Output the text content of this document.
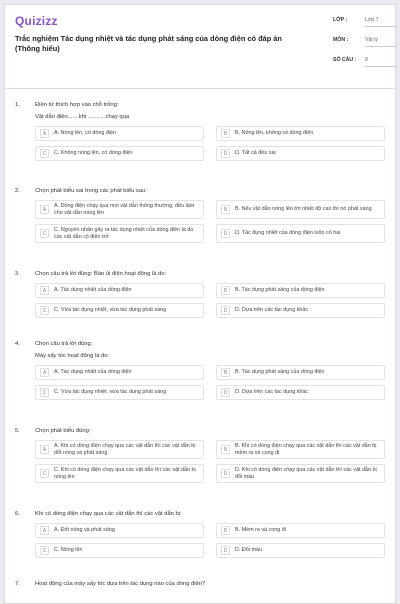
Quizizz
Trắc nghiệm Tác dụng nhiệt và tác dụng phát sáng của dòng điện có đáp án (Thông hiểu)
LỚP :	Lớp 7
MÔN :	Vật lý
SỐ CÂU :	8
1.	Điền từ thích hợp vào chỗ trống:
Vật dẫn điện.......khi ...........chạy qua
A	A. Nóng lên, có dòng điện	B	B. Nóng lên, không có dòng điện
C	C. Không nóng lên, có dòng điện	D	D. Tất cả đều sai
2.	Chọn phát biểu sai trong các phát biểu sau:
A
A. Dòng điện chạy qua mọi vật dẫn thông thường, đều làm cho vật dẫn nóng lên	B	B. Nếu vật dẫn nóng lên tới nhiệt độ cao thì nó phát sáng
C
C. Nguyên nhân gây ra tác dụng nhiệt của dòng điện là do các vật dẫn có điện trở	D	D. Tác dụng nhiệt của dòng điện luôn có hại
3.	Chọn câu trả lời đúng: Bàn ủi điện hoạt động là do:
A	A. Tác dụng nhiệt của dòng điện	B	B. Tác dụng phát sáng của dòng điện
C	C. Vừa tác dụng nhiệt, vừa tác dụng phát sáng	D	D. Dựa trên các tác dụng khác
4.	Chọn câu trả lời đúng:
Máy sấy tóc hoạt động là do:
A	A. Tác dụng nhiệt của dòng điện	B	B. Tác dụng phát sáng của dòng điện
C	C. Vừa tác dụng nhiệt, vừa tác dụng phát sáng	D	D. Dựa trên các tác dụng khác
5.	Chọn phát biểu đúng:
A
A. Khi có dòng điện chạy qua các vật dẫn thì các vật dẫn bị đốt nóng và phát sáng	B
B. Khi có dòng điện chạy qua các vật dẫn thì các vật dẫn bị mềm ra và cong đi
C
C. Khi có dòng điện chạy qua các vật dẫn thì các vật dẫn bị nóng lên	D
D. Khi có dòng điện chạy qua các vật dẫn thì các vật dẫn bị đổi màu
6.	Khi có dòng điện chạy qua các vật dẫn thì các vật dẫn bị:
A	A. Đốt nóng và phát sáng	B	B. Mềm ra và cong đi
C	C. Nóng lên	D	D. Đổi màu
7.	Hoạt động của máy sấy tóc dựa trên tác dụng nào của dòng điện?
